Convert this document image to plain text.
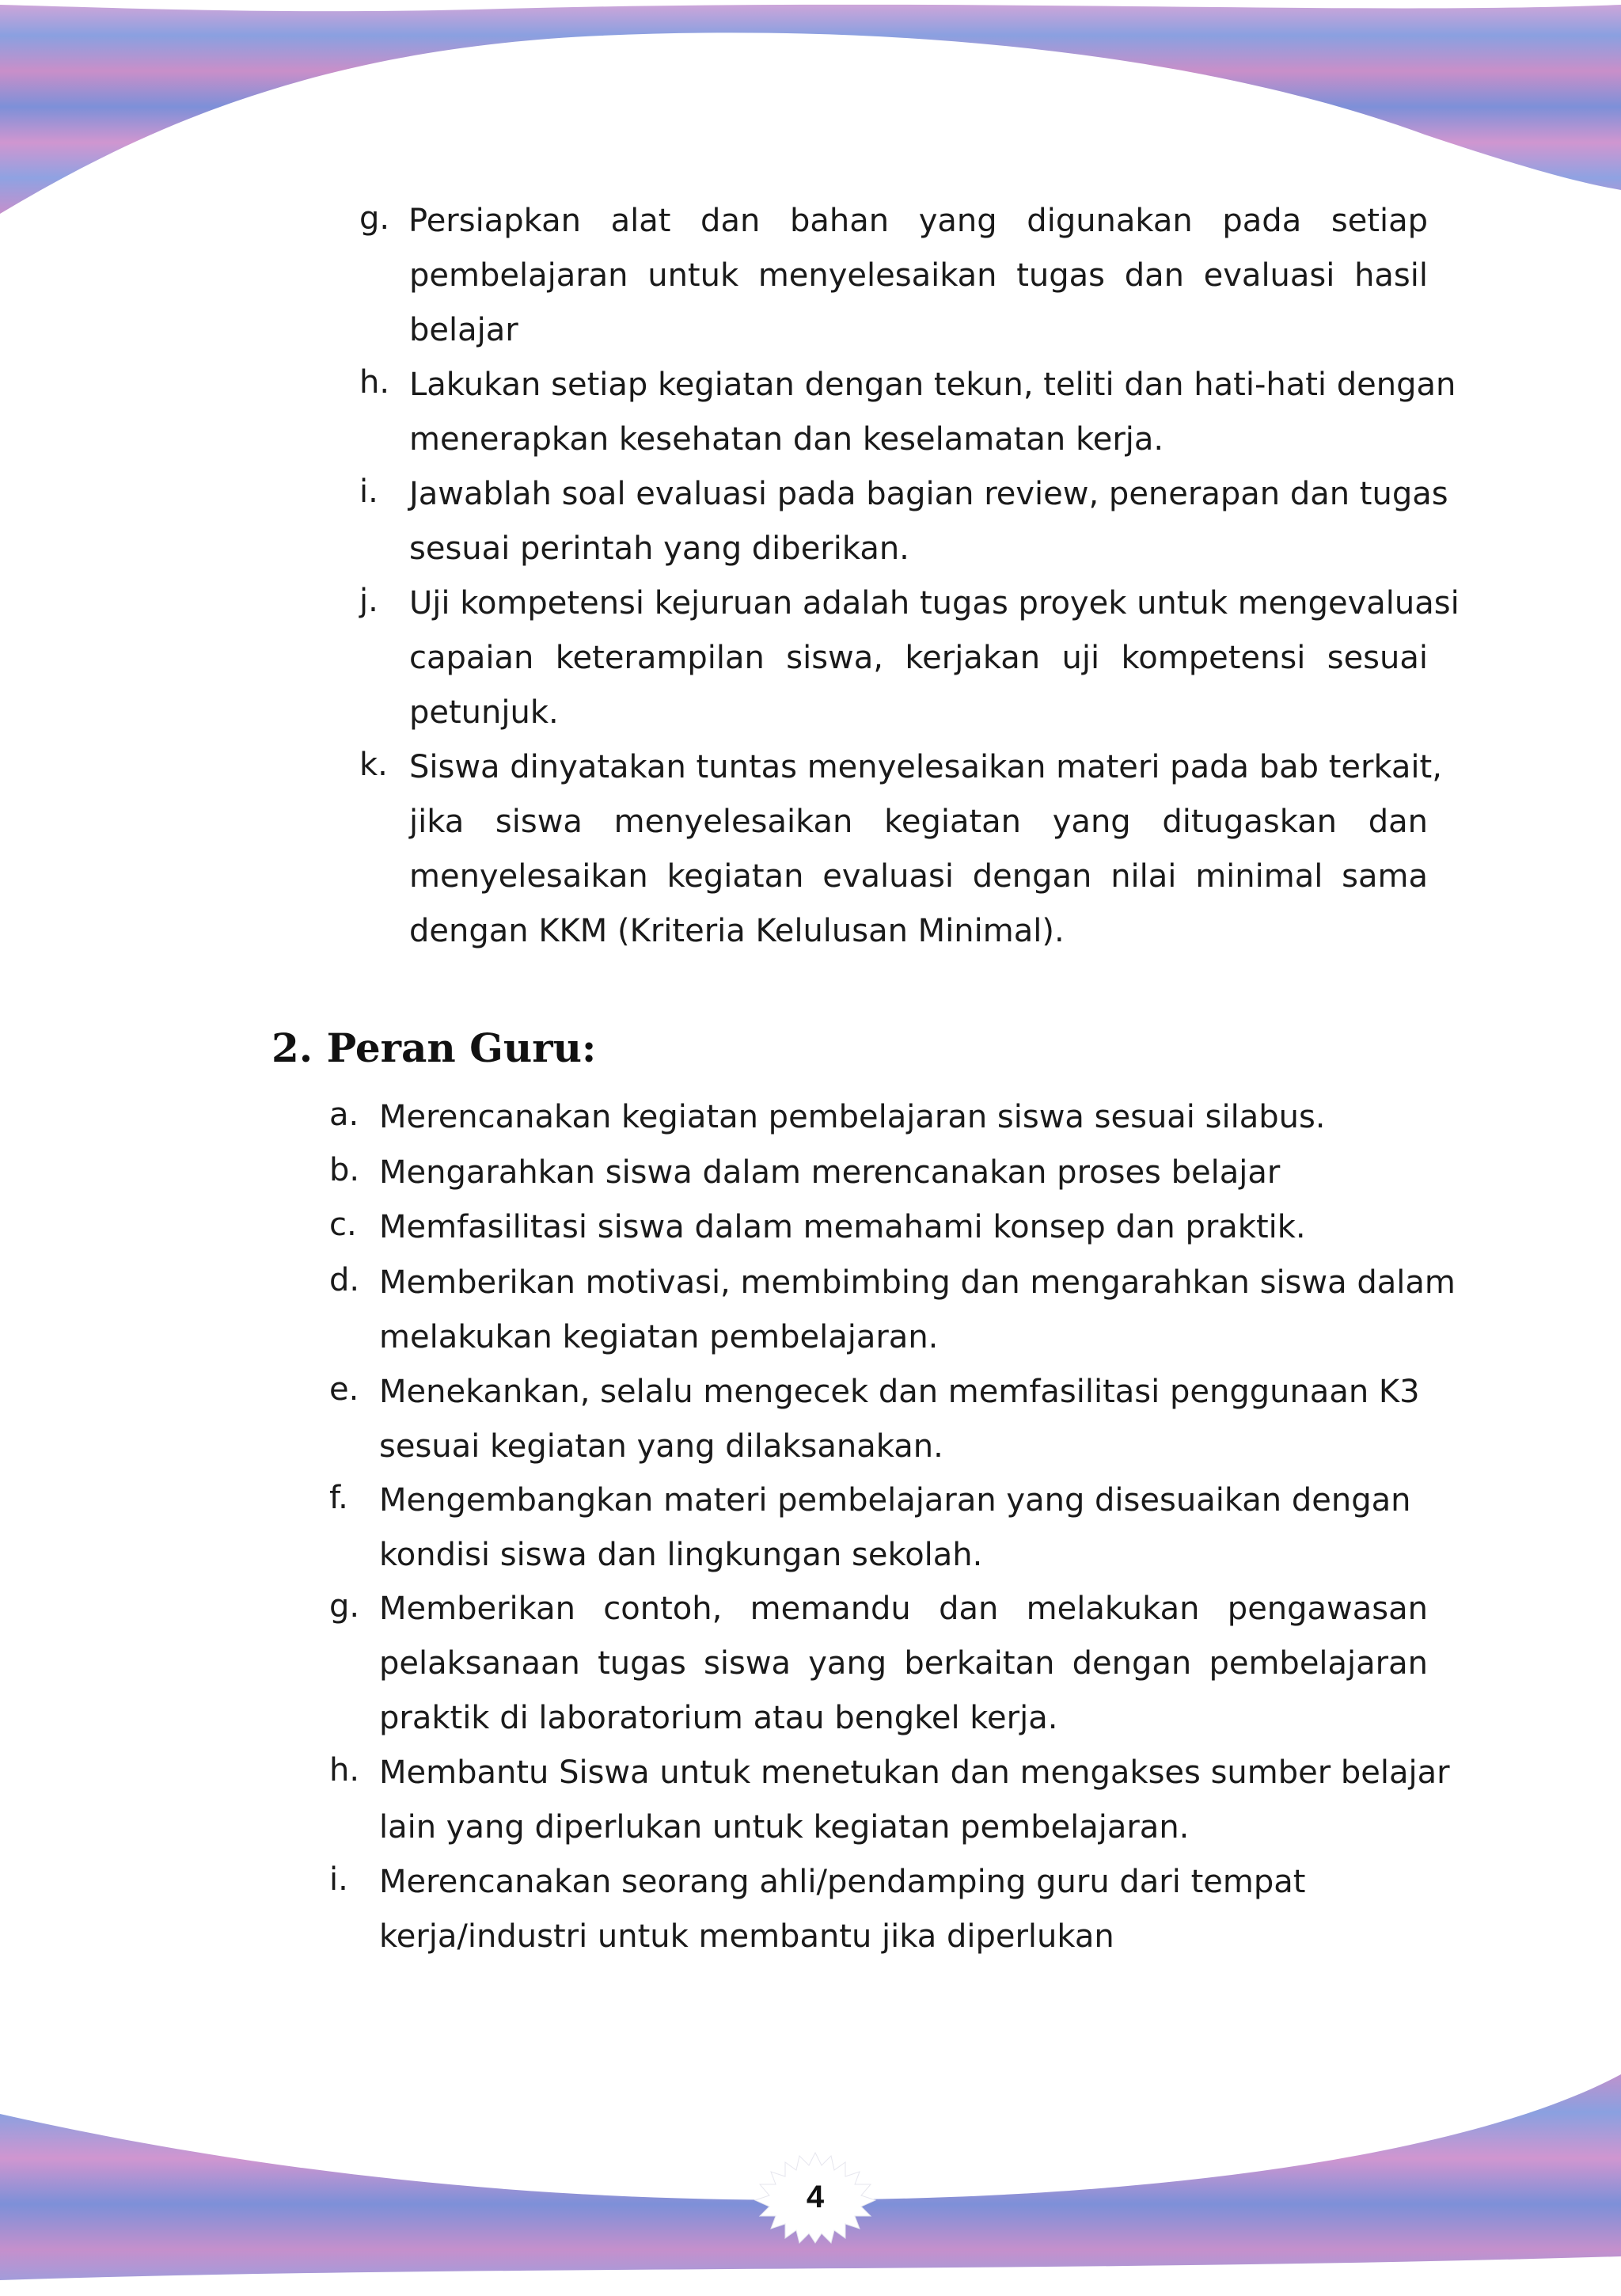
g. Persiapkan alat dan bahan yang digunakan pada setiap
pembelajaran untuk menyelesaikan tugas dan evaluasi hasil
belajar
h. Lakukan setiap kegiatan dengan tekun, teliti dan hati-hati dengan
menerapkan kesehatan dan keselamatan kerja.
i. Jawablah soal evaluasi pada bagian review, penerapan dan tugas
sesuai perintah yang diberikan.
j. Uji kompetensi kejuruan adalah tugas proyek untuk mengevaluasi
capaian keterampilan siswa, kerjakan uji kompetensi sesuai
petunjuk.
k. Siswa dinyatakan tuntas menyelesaikan materi pada bab terkait,
jika siswa menyelesaikan kegiatan yang ditugaskan dan
menyelesaikan kegiatan evaluasi dengan nilai minimal sama
dengan KKM (Kriteria Kelulusan Minimal).
2. Peran Guru:
a. Merencanakan kegiatan pembelajaran siswa sesuai silabus.
b. Mengarahkan siswa dalam merencanakan proses belajar
c. Memfasilitasi siswa dalam memahami konsep dan praktik.
d. Memberikan motivasi, membimbing dan mengarahkan siswa dalam
melakukan kegiatan pembelajaran.
e. Menekankan, selalu mengecek dan memfasilitasi penggunaan K3
sesuai kegiatan yang dilaksanakan.
f. Mengembangkan materi pembelajaran yang disesuaikan dengan
kondisi siswa dan lingkungan sekolah.
g. Memberikan contoh, memandu dan melakukan pengawasan
pelaksanaan tugas siswa yang berkaitan dengan pembelajaran
praktik di laboratorium atau bengkel kerja.
h. Membantu Siswa untuk menetukan dan mengakses sumber belajar
lain yang diperlukan untuk kegiatan pembelajaran.
i. Merencanakan seorang ahli/pendamping guru dari tempat
kerja/industri untuk membantu jika diperlukan
4
